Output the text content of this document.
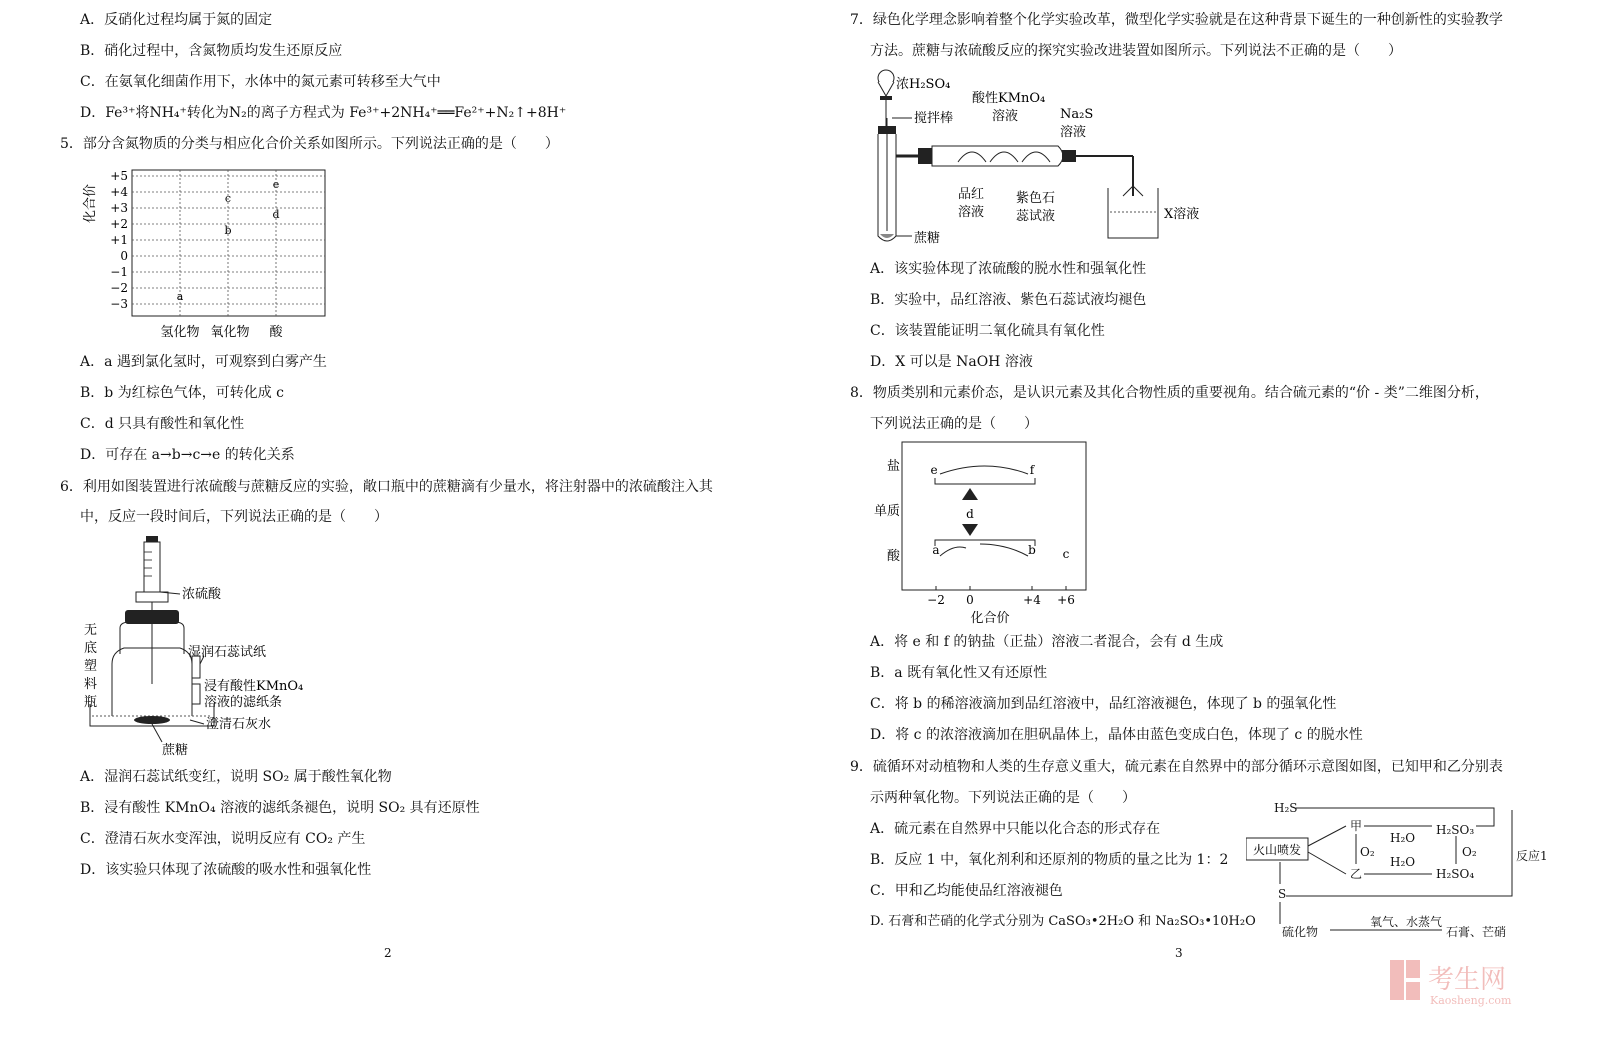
A．反硝化过程均属于氮的固定
B．硝化过程中，含氮物质均发生还原反应
C．在氨氧化细菌作用下，水体中的氮元素可转移至大气中
D．Fe³⁺将NH₄⁺转化为N₂的离子方程式为 Fe³⁺+2NH₄⁺══Fe²⁺+N₂↑+8H⁺
5．部分含氮物质的分类与相应化合价关系如图所示。下列说法正确的是（　　）
化合价
+5
+4
+3
+2
+1
0
−1
−2
−3
e
c
d
b
a
氢化物 氧化物 酸
A．a 遇到氯化氢时，可观察到白雾产生
B．b 为红棕色气体，可转化成 c
C．d 只具有酸性和氧化性
D．可存在 a→b→c→e 的转化关系
6．利用如图装置进行浓硫酸与蔗糖反应的实验，敞口瓶中的蔗糖滴有少量水，将注射器中的浓硫酸注入其
中，反应一段时间后，下列说法正确的是（　　）
浓硫酸
无
底
塑
料
瓶
湿润石蕊试纸
浸有酸性KMnO₄
溶液的滤纸条
澄清石灰水
蔗糖
A．湿润石蕊试纸变红，说明 SO₂ 属于酸性氧化物
B．浸有酸性 KMnO₄ 溶液的滤纸条褪色，说明 SO₂ 具有还原性
C．澄清石灰水变浑浊，说明反应有 CO₂ 产生
D．该实验只体现了浓硫酸的吸水性和强氧化性
2
7．绿色化学理念影响着整个化学实验改革，微型化学实验就是在这种背景下诞生的一种创新性的实验教学
方法。蔗糖与浓硫酸反应的探究实验改进装置如图所示。下列说法不正确的是（　　）
浓H₂SO₄
搅拌棒
酸性KMnO₄
溶液	Na₂S
溶液
品红
溶液
紫色石
蕊试液	X溶液
蔗糖
A．该实验体现了浓硫酸的脱水性和强氧化性
B．实验中，品红溶液、紫色石蕊试液均褪色
C．该装置能证明二氧化硫具有氧化性
D．X 可以是 NaOH 溶液
8．物质类别和元素价态，是认识元素及其化合物性质的重要视角。结合硫元素的“价 - 类”二维图分析，
下列说法正确的是（　　）
盐
单质
酸
e	f
d
a	b c
−2 0	+4 +6
化合价
A．将 e 和 f 的钠盐（正盐）溶液二者混合，会有 d 生成
B．a 既有氧化性又有还原性
C．将 b 的稀溶液滴加到品红溶液中，品红溶液褪色，体现了 b 的强氧化性
D．将 c 的浓溶液滴加在胆矾晶体上，晶体由蓝色变成白色，体现了 c 的脱水性
9．硫循环对动植物和人类的生存意义重大，硫元素在自然界中的部分循环示意图如图，已知甲和乙分别表
示两种氧化物。下列说法正确的是（　　）
A．硫元素在自然界中只能以化合态的形式存在
B．反应 1 中，氧化剂利和还原剂的物质的量之比为 1：2
C．甲和乙均能使品红溶液褪色
D. 石膏和芒硝的化学式分别为 CaSO₃•2H₂O 和 Na₂SO₃•10H₂O
H₂S
甲
H₂O
H₂SO₃
O₂	O₂
H₂O
乙	H₂SO₄
反应1
S
硫化物
氧气、水蒸气
石膏、芒硝
火山喷发
3
考生网
Kaosheng.com
